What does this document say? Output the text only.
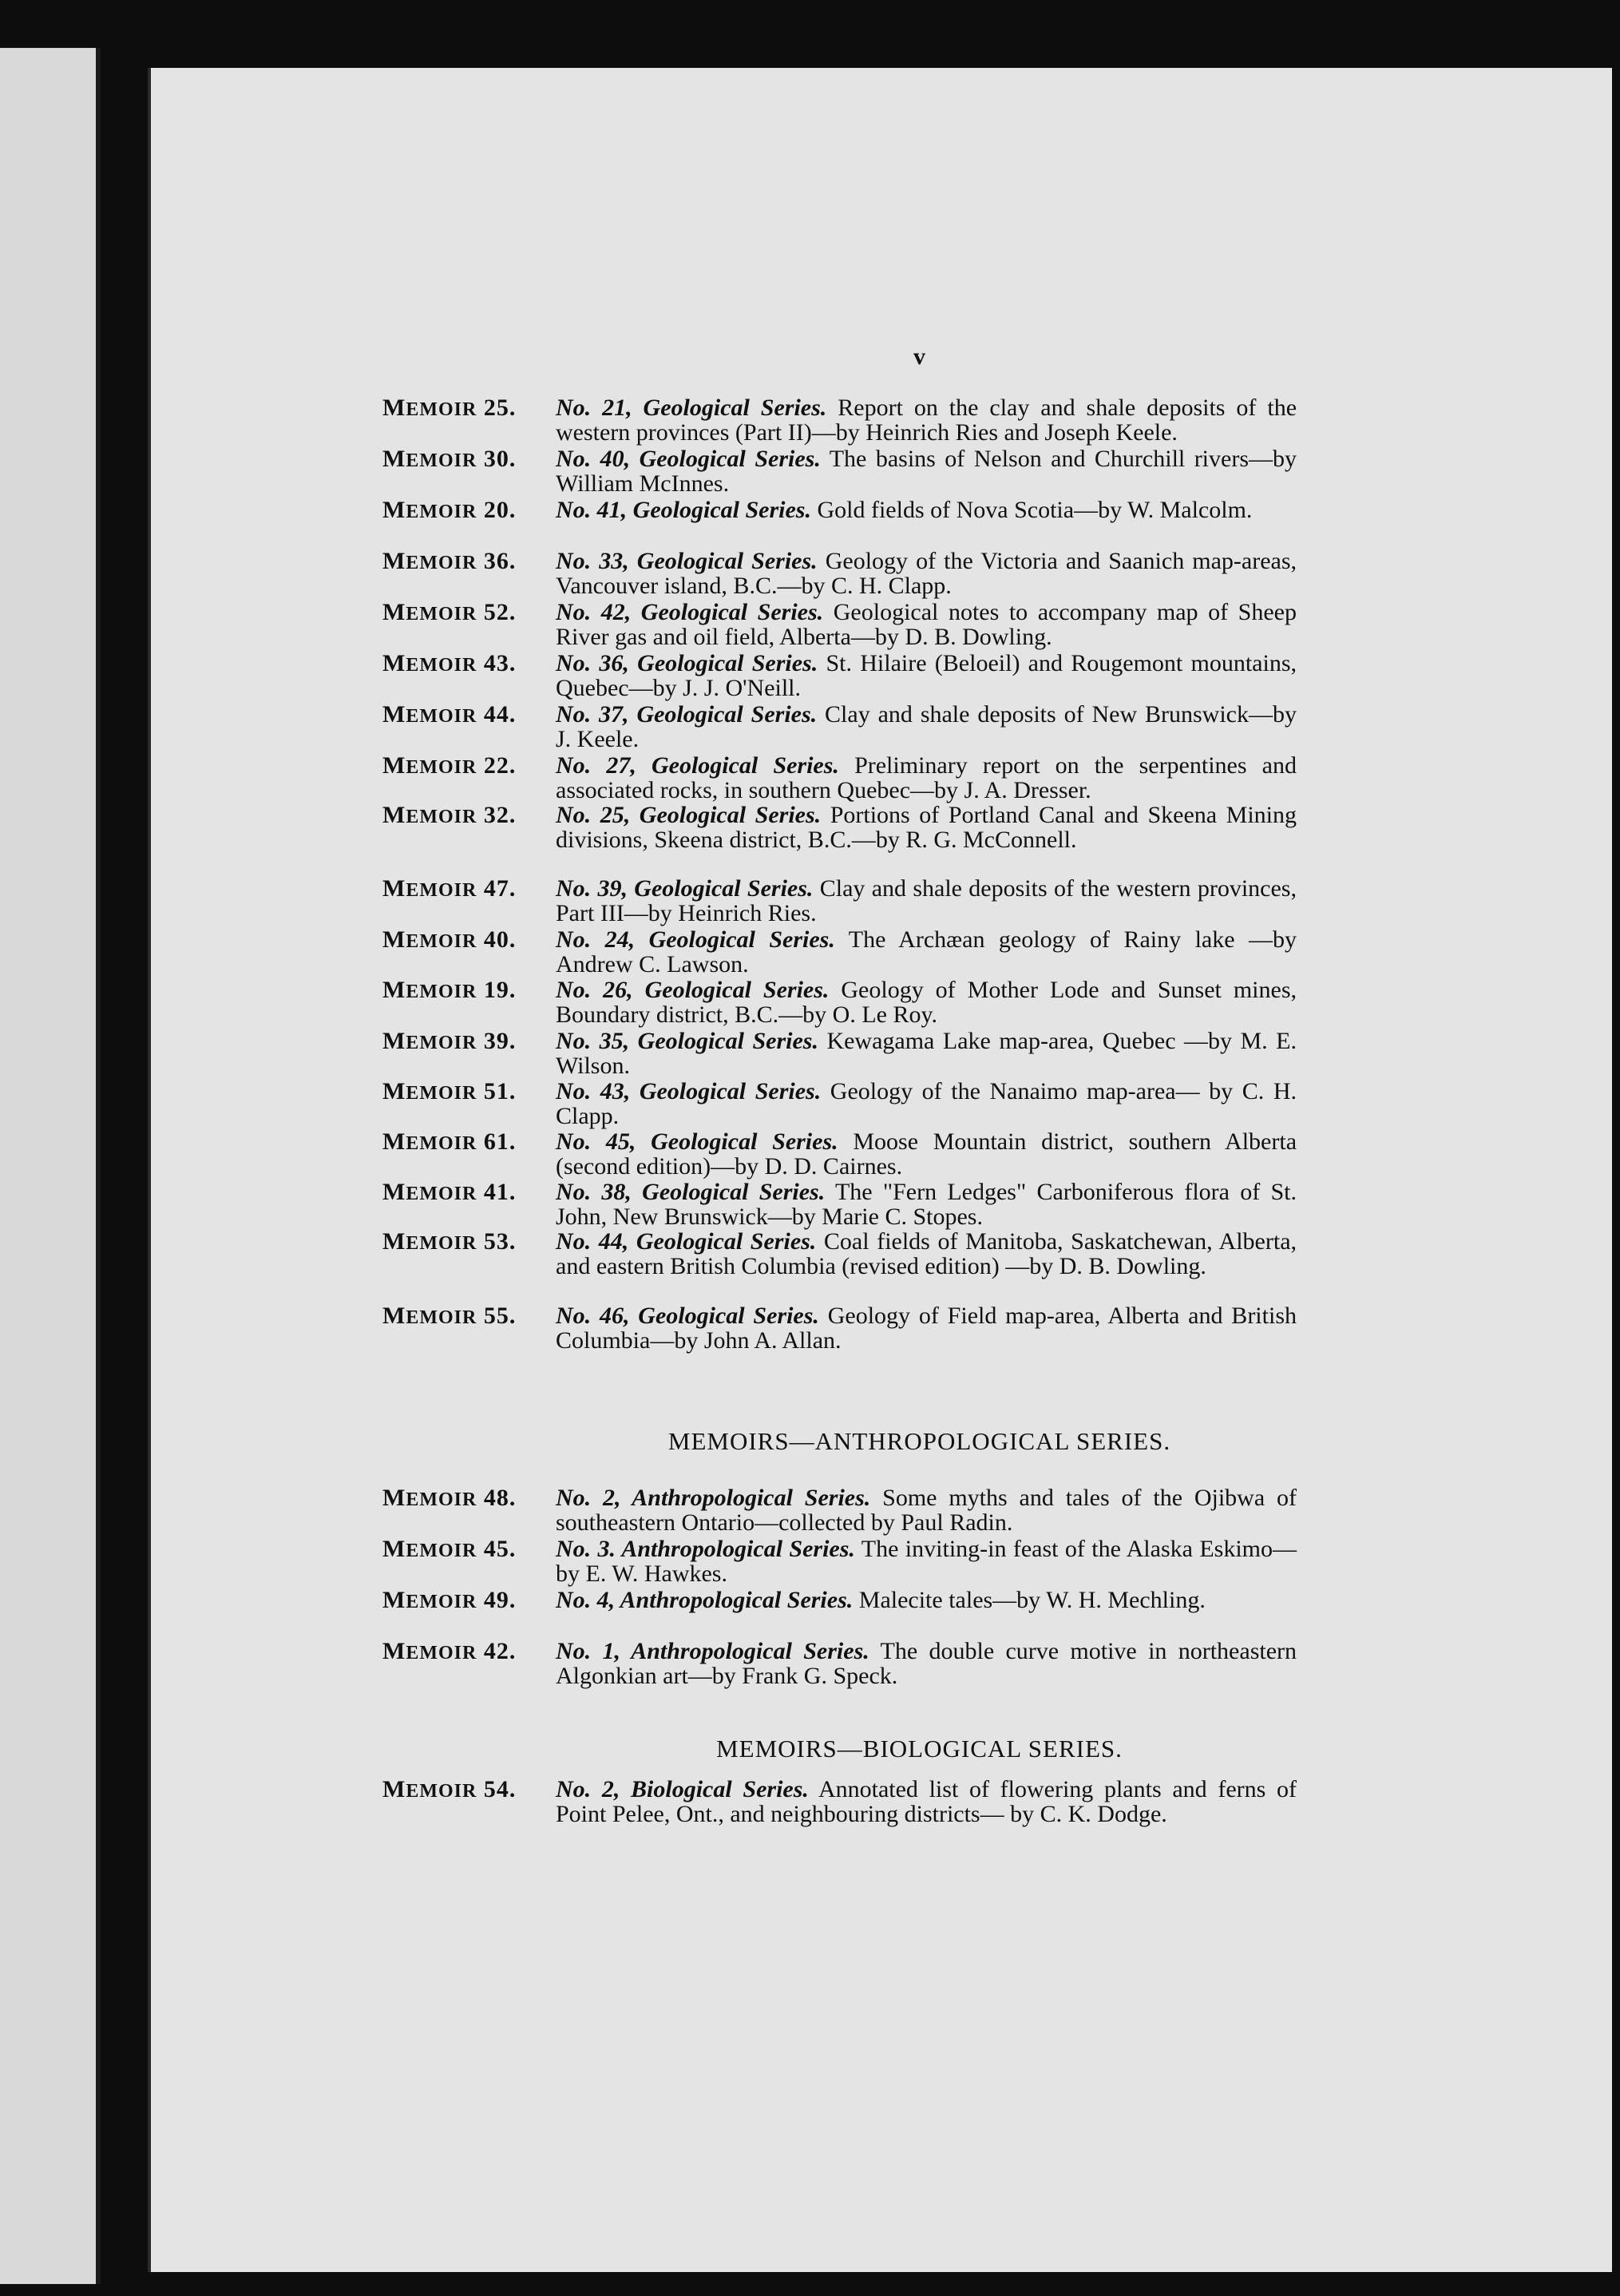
v
MEMOIR 25.	No. 21, Geological Series. Report on the clay and shale deposits of the western provinces (Part II)—by Heinrich Ries and Joseph Keele.
MEMOIR 30.	No. 40, Geological Series. The basins of Nelson and Churchill rivers—by William McInnes.
MEMOIR 20.	No. 41, Geological Series. Gold fields of Nova Scotia—by W. Malcolm.
MEMOIR 36.	No. 33, Geological Series. Geology of the Victoria and Saanich map-areas, Vancouver island, B.C.—by C. H. Clapp.
MEMOIR 52.	No. 42, Geological Series. Geological notes to accompany map of Sheep River gas and oil field, Alberta—by D. B. Dowling.
MEMOIR 43.	No. 36, Geological Series. St. Hilaire (Beloeil) and Rougemont mountains, Quebec—by J. J. O'Neill.
MEMOIR 44.	No. 37, Geological Series. Clay and shale deposits of New Brunswick—by J. Keele.
MEMOIR 22.	No. 27, Geological Series. Preliminary report on the serpentines and associated rocks, in southern Quebec—by J. A. Dresser.
MEMOIR 32.	No. 25, Geological Series. Portions of Portland Canal and Skeena Mining divisions, Skeena district, B.C.—by R. G. McConnell.
MEMOIR 47.	No. 39, Geological Series. Clay and shale deposits of the western provinces, Part III—by Heinrich Ries.
MEMOIR 40.	No. 24, Geological Series. The Archæan geology of Rainy lake —by Andrew C. Lawson.
MEMOIR 19.	No. 26, Geological Series. Geology of Mother Lode and Sunset mines, Boundary district, B.C.—by O. Le Roy.
MEMOIR 39.	No. 35, Geological Series. Kewagama Lake map-area, Quebec —by M. E. Wilson.
MEMOIR 51.	No. 43, Geological Series. Geology of the Nanaimo map-area— by C. H. Clapp.
MEMOIR 61.	No. 45, Geological Series. Moose Mountain district, southern Alberta (second edition)—by D. D. Cairnes.
MEMOIR 41.	No. 38, Geological Series. The "Fern Ledges" Carboniferous flora of St. John, New Brunswick—by Marie C. Stopes.
MEMOIR 53.	No. 44, Geological Series. Coal fields of Manitoba, Saskatchewan, Alberta, and eastern British Columbia (revised edition) —by D. B. Dowling.
MEMOIR 55.	No. 46, Geological Series. Geology of Field map-area, Alberta and British Columbia—by John A. Allan.
MEMOIRS—ANTHROPOLOGICAL SERIES.
MEMOIR 48.	No. 2, Anthropological Series. Some myths and tales of the Ojibwa of southeastern Ontario—collected by Paul Radin.
MEMOIR 45.	No. 3. Anthropological Series. The inviting-in feast of the Alaska Eskimo—by E. W. Hawkes.
MEMOIR 49.	No. 4, Anthropological Series. Malecite tales—by W. H. Mechling.
MEMOIR 42.	No. 1, Anthropological Series. The double curve motive in northeastern Algonkian art—by Frank G. Speck.
MEMOIRS—BIOLOGICAL SERIES.
MEMOIR 54.	No. 2, Biological Series. Annotated list of flowering plants and ferns of Point Pelee, Ont., and neighbouring districts— by C. K. Dodge.
